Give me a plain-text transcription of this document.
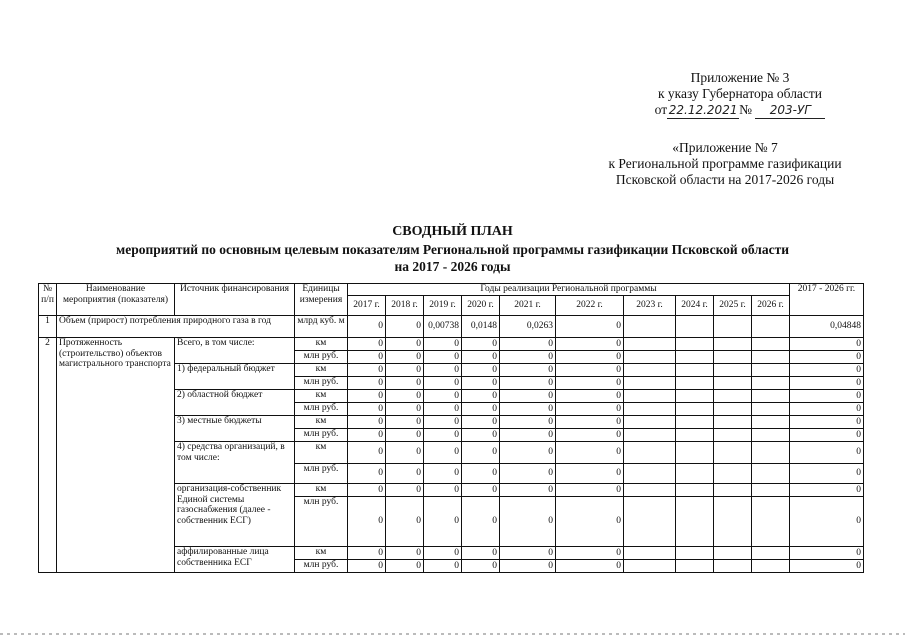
Приложение № 3
к указу Губернатора области
от 22.12.2021 № 203-УГ
«Приложение № 7
к Региональной программе газификации
Псковской области на 2017-2026 годы
СВОДНЫЙ ПЛАН
мероприятий по основным целевым показателям Региональной программы газификации Псковской области
на 2017 - 2026 годы
№ п/п	Наименование мероприятия (показателя)	Источник финансирования	Единицы измерения	Годы реализации Региональной программы										2017 - 2026 гг.
				2017 г.	2018 г.	2019 г.	2020 г.	2021 г.	2022 г.	2023 г.	2024 г.	2025 г.	2026 г.	
1	Объем (прирост) потребления природного газа в год		млрд куб. м	0	0	0,00738	0,0148	0,0263	0					0,04848
2	Протяженность (строительство) объектов магистрального транспорта	Всего, в том числе:	км	0	0	0	0	0	0					0
			млн руб.	0	0	0	0	0	0					0
		1) федеральный бюджет	км	0	0	0	0	0	0					0
			млн руб.	0	0	0	0	0	0					0
		2) областной бюджет	км	0	0	0	0	0	0					0
			млн руб.	0	0	0	0	0	0					0
		3) местные бюджеты	км	0	0	0	0	0	0					0
			млн руб.	0	0	0	0	0	0					0
		4) средства организаций, в том числе:	км	0	0	0	0	0	0					0
			млн руб.	0	0	0	0	0	0					0
		организация-собственник Единой системы газоснабжения (далее - собственник ЕСГ)	км	0	0	0	0	0	0					0
			млн руб.	0	0	0	0	0	0					0
		аффилированные лица собственника ЕСГ	км	0	0	0	0	0	0					0
			млн руб.	0	0	0	0	0	0					0
